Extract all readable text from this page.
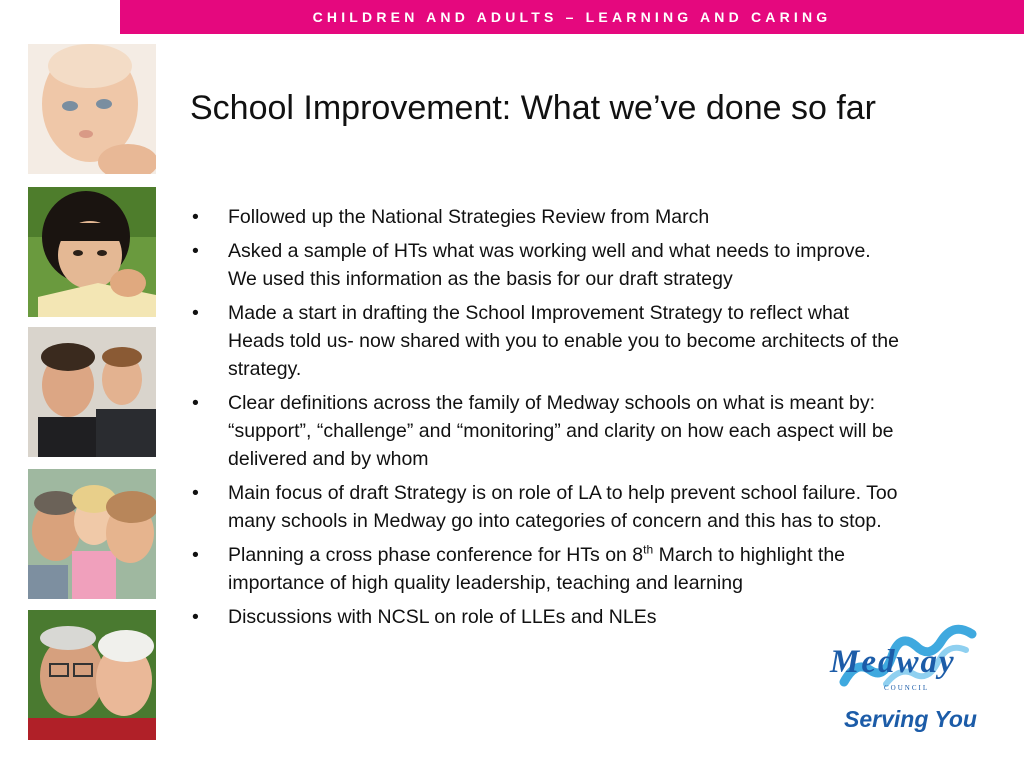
CHILDREN AND ADULTS – LEARNING AND CARING
School Improvement: What we’ve done so far
• Followed up the National Strategies Review from March
• Asked a sample of HTs what was working well and what needs to improve. We used this information as the basis for our draft strategy
• Made a start in drafting the School Improvement Strategy to reflect what Heads told us- now shared with you to enable you to become architects of the strategy.
• Clear definitions across the family of Medway schools on what is meant by: “support”, “challenge” and “monitoring” and clarity on how each aspect will be delivered and by whom
• Main focus of draft Strategy is on role of LA to help prevent school failure. Too many schools in Medway go into categories of concern and this has to stop.
• Planning a cross phase conference for HTs on 8th March to highlight the importance of high quality leadership, teaching and learning
• Discussions with NCSL on role of LLEs and NLEs
Medway
COUNCIL
Serving You
